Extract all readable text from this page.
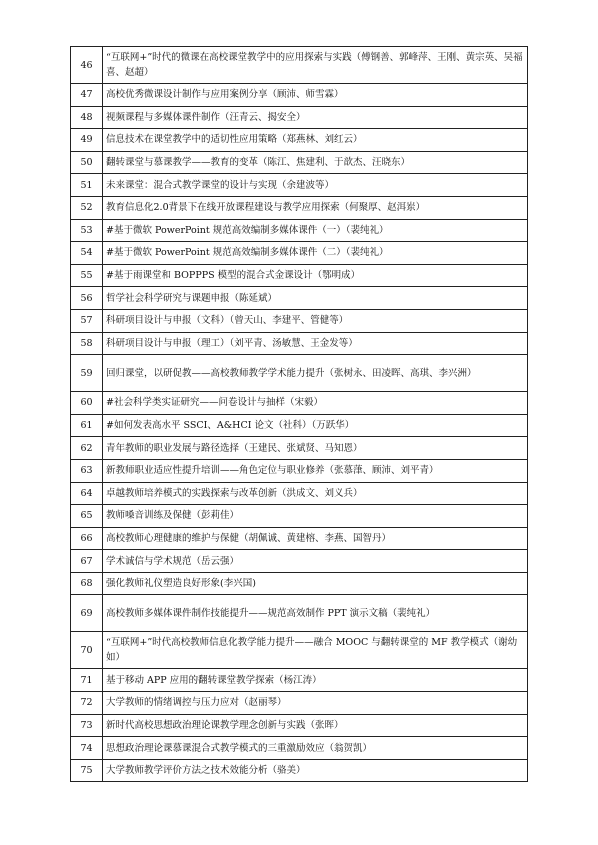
46	“互联网+”时代的微课在高校课堂教学中的应用探索与实践（傅钢善、郭峰萍、王刚、黄宗英、吴福喜、赵超）
47	高校优秀微课设计制作与应用案例分享（顾沛、师雪霖）
48	视频课程与多媒体课件制作（汪青云、揭安全）
49	信息技术在课堂教学中的适切性应用策略（郑燕林、刘红云）
50	翻转课堂与慕课教学——教育的变革（陈江、焦建利、于歆杰、汪晓东）
51	未来课堂：混合式教学课堂的设计与实现（余建波等）
52	教育信息化2.0背景下在线开放课程建设与教学应用探索（何聚厚、赵洱岽）
53	#基于微软 PowerPoint 规范高效编制多媒体课件（一）（裴纯礼）
54	#基于微软 PowerPoint 规范高效编制多媒体课件（二）（裴纯礼）
55	#基于雨课堂和 BOPPPS 模型的混合式金课设计（鄂明成）
56	哲学社会科学研究与课题申报（陈延斌）
57	科研项目设计与申报（文科）（曾天山、李建平、管健等）
58	科研项目设计与申报（理工）（刘平青、汤敏慧、王金发等）
59	回归课堂，以研促教——高校教师教学学术能力提升（张树永、田凌晖、高琪、李兴洲）
60	#社会科学类实证研究——问卷设计与抽样（宋毅）
61	#如何发表高水平 SSCI、A&HCI 论文（社科）（万跃华）
62	青年教师的职业发展与路径选择（王建民、张斌贤、马知恩）
63	新教师职业适应性提升培训——角色定位与职业修养（张慕葏、顾沛、刘平青）
64	卓越教师培养模式的实践探索与改革创新（洪成文、刘义兵）
65	教师嗓音训练及保健（彭莉佳）
66	高校教师心理健康的维护与保健（胡佩诚、黄建榕、李燕、国智丹）
67	学术诚信与学术规范（岳云强）
68	强化教师礼仪塑造良好形象(李兴国)
69	高校教师多媒体课件制作技能提升——规范高效制作 PPT 演示文稿（裴纯礼）
70	“互联网+”时代高校教师信息化教学能力提升——融合 MOOC 与翻转课堂的 MF 教学模式（谢幼如）
71	基于移动 APP 应用的翻转课堂教学探索（杨江涛）
72	大学教师的情绪调控与压力应对（赵丽琴）
73	新时代高校思想政治理论课教学理念创新与实践（张晖）
74	思想政治理论课慕课混合式教学模式的三重激励效应（翁贺凯）
75	大学教师教学评价方法之技术效能分析（骆美）
